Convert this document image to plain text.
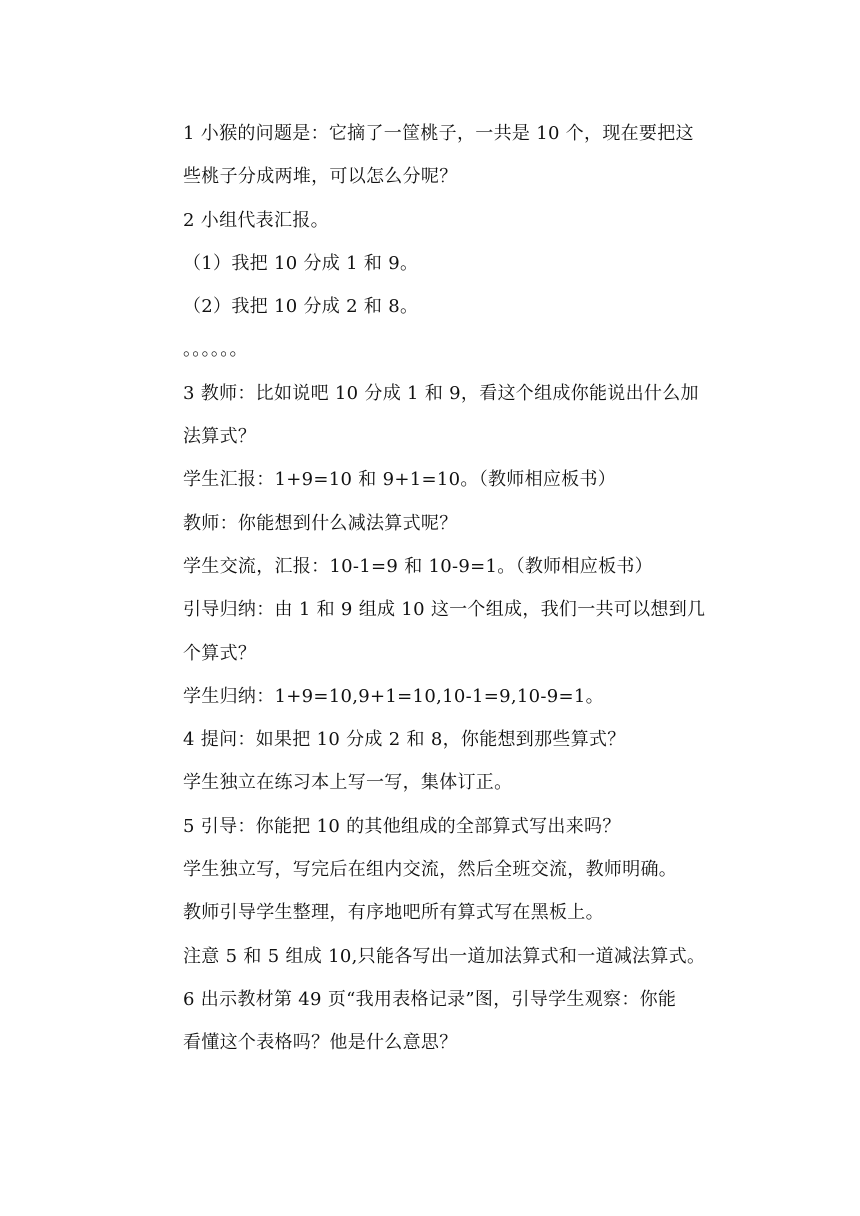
1 小猴的问题是：它摘了一筐桃子，一共是 10 个，现在要把这
些桃子分成两堆，可以怎么分呢？
2 小组代表汇报。
（1）我把 10 分成 1 和 9。
（2）我把 10 分成 2 和 8。
。。。。。。
3 教师：比如说吧 10 分成 1 和 9，看这个组成你能说出什么加
法算式？
学生汇报：1+9=10 和 9+1=10。（教师相应板书）
教师：你能想到什么减法算式呢？
学生交流，汇报：10-1=9 和 10-9=1。（教师相应板书）
引导归纳：由 1 和 9 组成 10 这一个组成，我们一共可以想到几
个算式？
学生归纳：1+9=10,9+1=10,10-1=9,10-9=1。
4 提问：如果把 10 分成 2 和 8，你能想到那些算式？
学生独立在练习本上写一写，集体订正。
5 引导：你能把 10 的其他组成的全部算式写出来吗？
学生独立写，写完后在组内交流，然后全班交流，教师明确。
教师引导学生整理，有序地吧所有算式写在黑板上。
注意 5 和 5 组成 10,只能各写出一道加法算式和一道减法算式。
6 出示教材第 49 页“我用表格记录”图，引导学生观察：你能
看懂这个表格吗？他是什么意思？
